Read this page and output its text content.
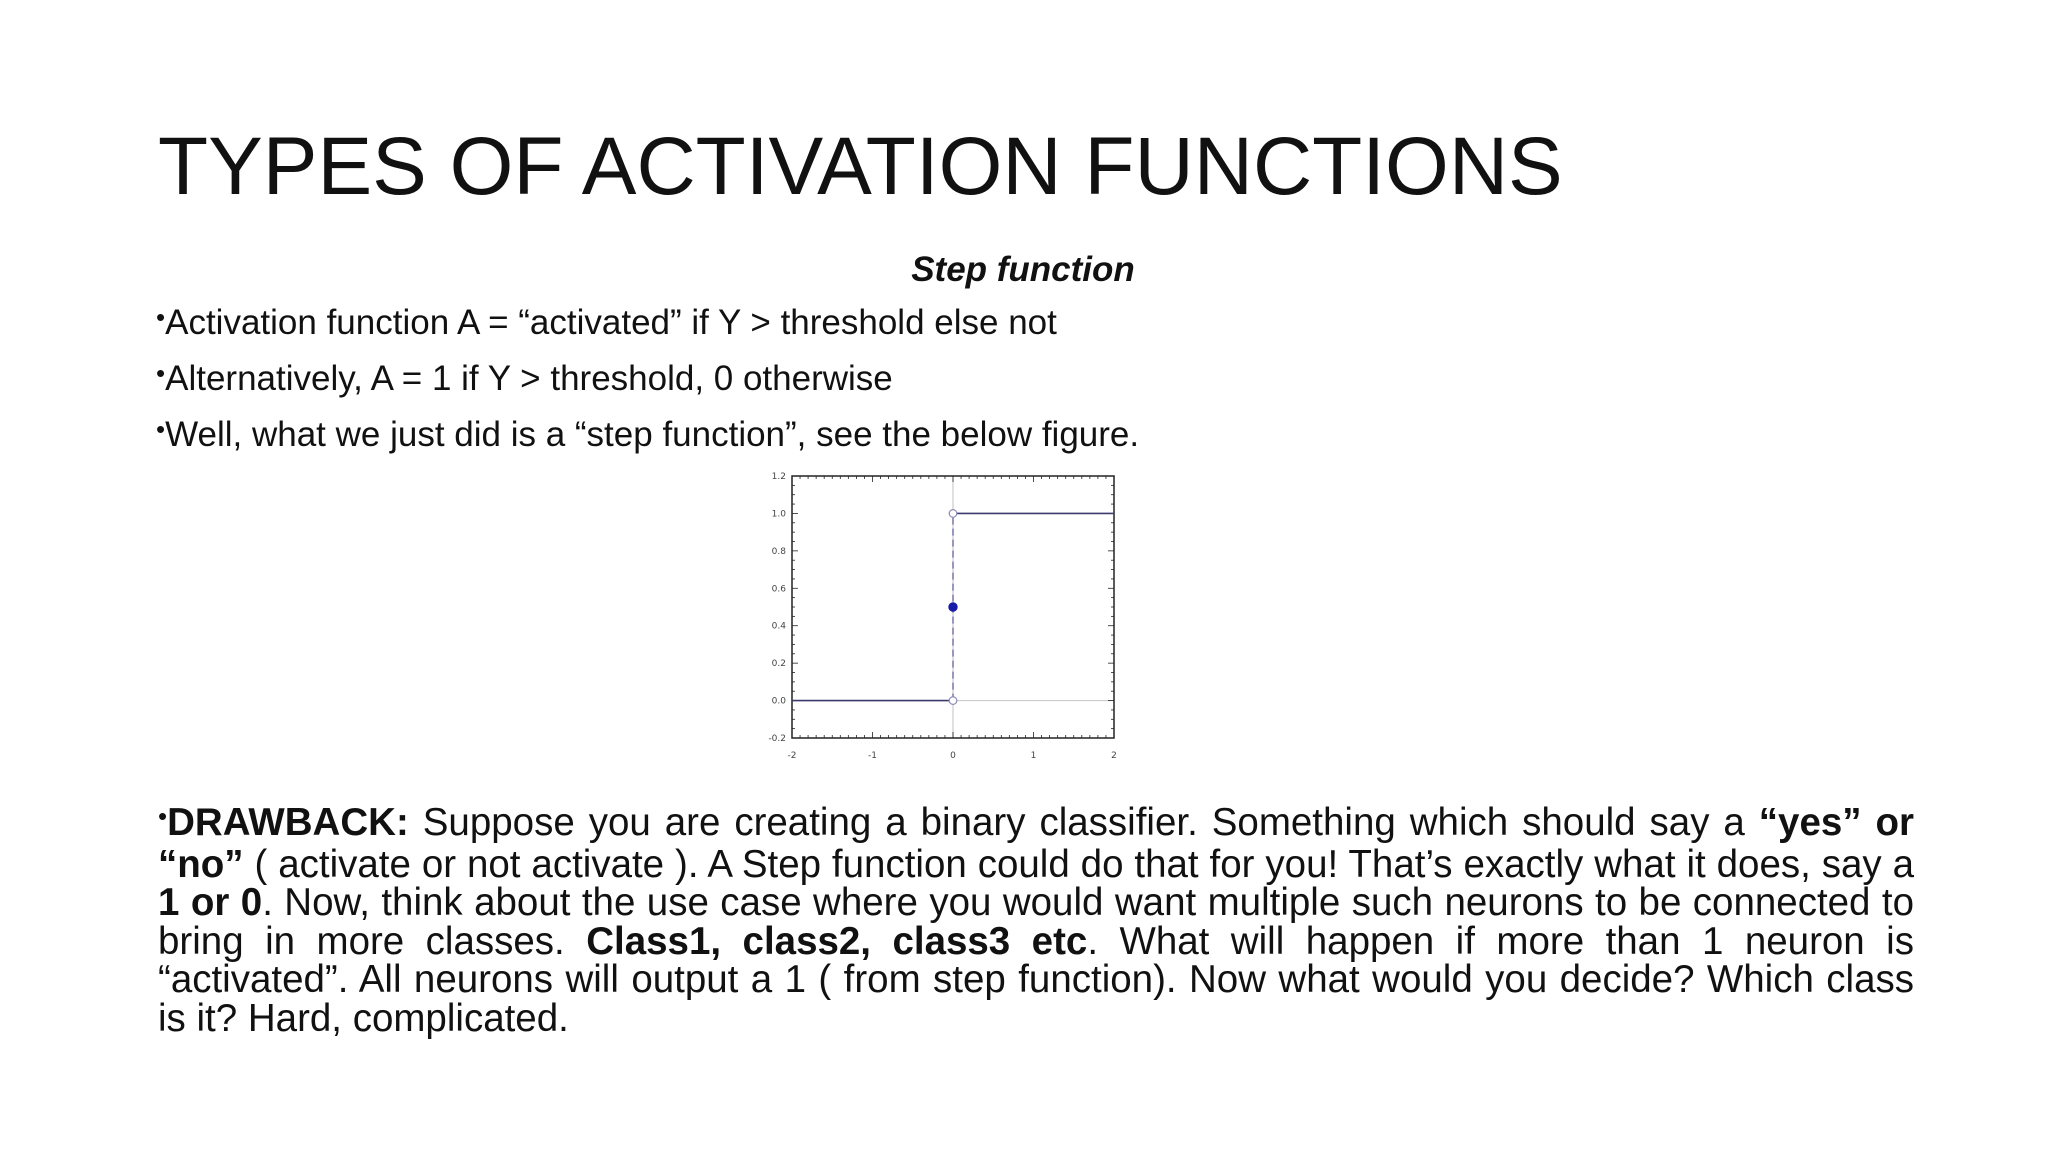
TYPES OF ACTIVATION FUNCTIONS
Step function
•Activation function A = “activated” if Y > threshold else not
•Alternatively, A = 1 if Y > threshold, 0 otherwise
•Well, what we just did is a “step function”, see the below figure.
-2	-1	0	1	2
1.2
1.0
0.8
0.6
0.4
0.2
0.0
-0.2
•DRAWBACK: Suppose you are creating a binary classifier. Something which should say a “yes” or “no” ( activate or not activate ). A Step function could do that for you! That’s exactly what it does, say a 1 or 0. Now, think about the use case where you would want multiple such neurons to be connected to bring in more classes. Class1, class2, class3 etc. What will happen if more than 1 neuron is “activated”. All neurons will output a 1 ( from step function). Now what would you decide? Which class is it? Hard, complicated.
